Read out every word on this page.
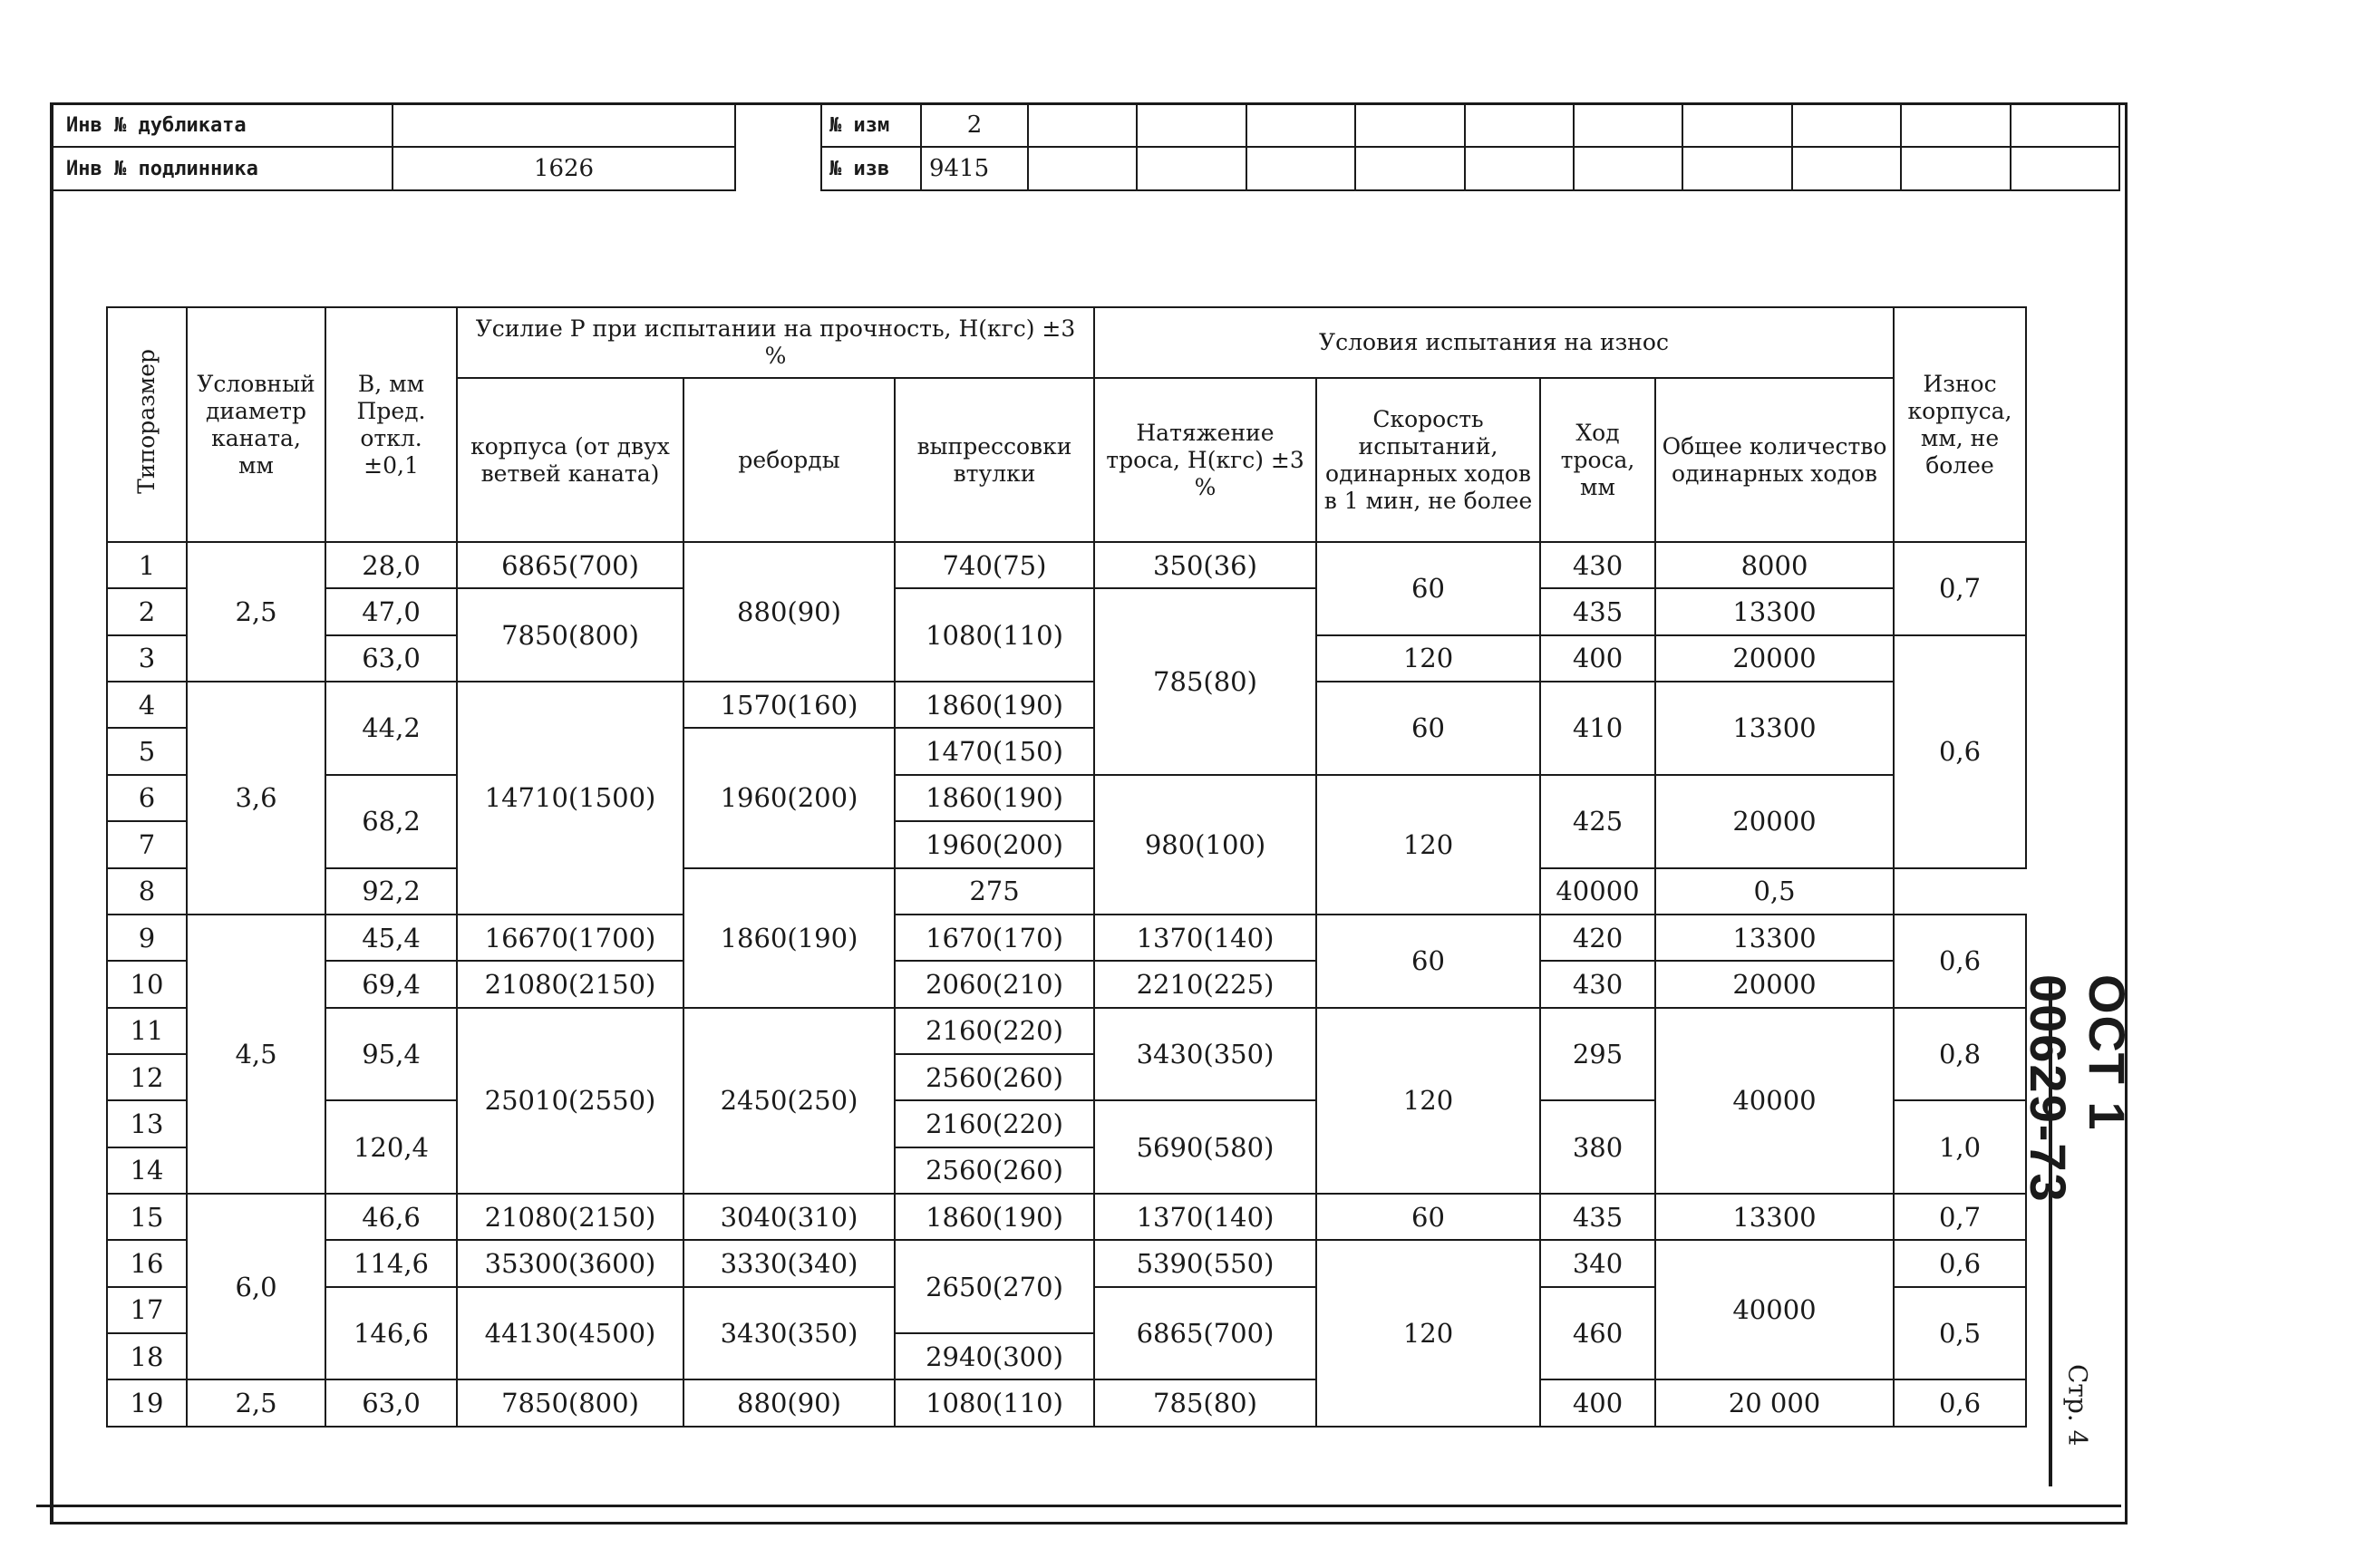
Инв № дубликата	
Инв № подлинника	1626
№ изм	2										
№ изв	9415										
Типоразмер	Условный диаметр каната, мм	B, мм Пред. откл. ±0,1	Усилие P при испытании на прочность, Н(кгс) ±3 %			Условия испытания на износ				Износ корпуса, мм, не более
			корпуса (от двух ветвей каната)	реборды	выпрессовки втулки	Натяжение троса, Н(кгс) ±3 %	Скорость испытаний, одинарных ходов в 1 мин, не более	Ход троса, мм	Общее количество одинарных ходов	
1	2,5	28,0	6865(700)	880(90)	740(75)	350(36)	60	430	8000	0,7
2		47,0	7850(800)		1080(110)	785(80)		435	13300	
3		63,0					120	400	20000	0,6
4	3,6	44,2	14710(1500)	1570(160)	1860(190)		60	410	13300	
5				1960(200)	1470(150)					
6		68,2			1860(190)	980(100)	120	425	20000	
7					1960(200)					
8		92,2		1860(190)	275			40000	0,5	
9	4,5	45,4	16670(1700)		1670(170)	1370(140)	60	420	13300	0,6
10		69,4	21080(2150)		2060(210)	2210(225)		430	20000	
11		95,4	25010(2550)	2450(250)	2160(220)	3430(350)	120	295	40000	0,8
12					2560(260)					
13		120,4			2160(220)	5690(580)		380		1,0
14					2560(260)					
15	6,0	46,6	21080(2150)	3040(310)	1860(190)	1370(140)	60	435	13300	0,7
16		114,6	35300(3600)	3330(340)	2650(270)	5390(550)	120	340	40000	0,6
17		146,6	44130(4500)	3430(350)		6865(700)		460		0,5
18					2940(300)					
19	2,5	63,0	7850(800)	880(90)	1080(110)	785(80)		400	20 000	0,6
ОСТ 1 00629-73
Стр. 4
